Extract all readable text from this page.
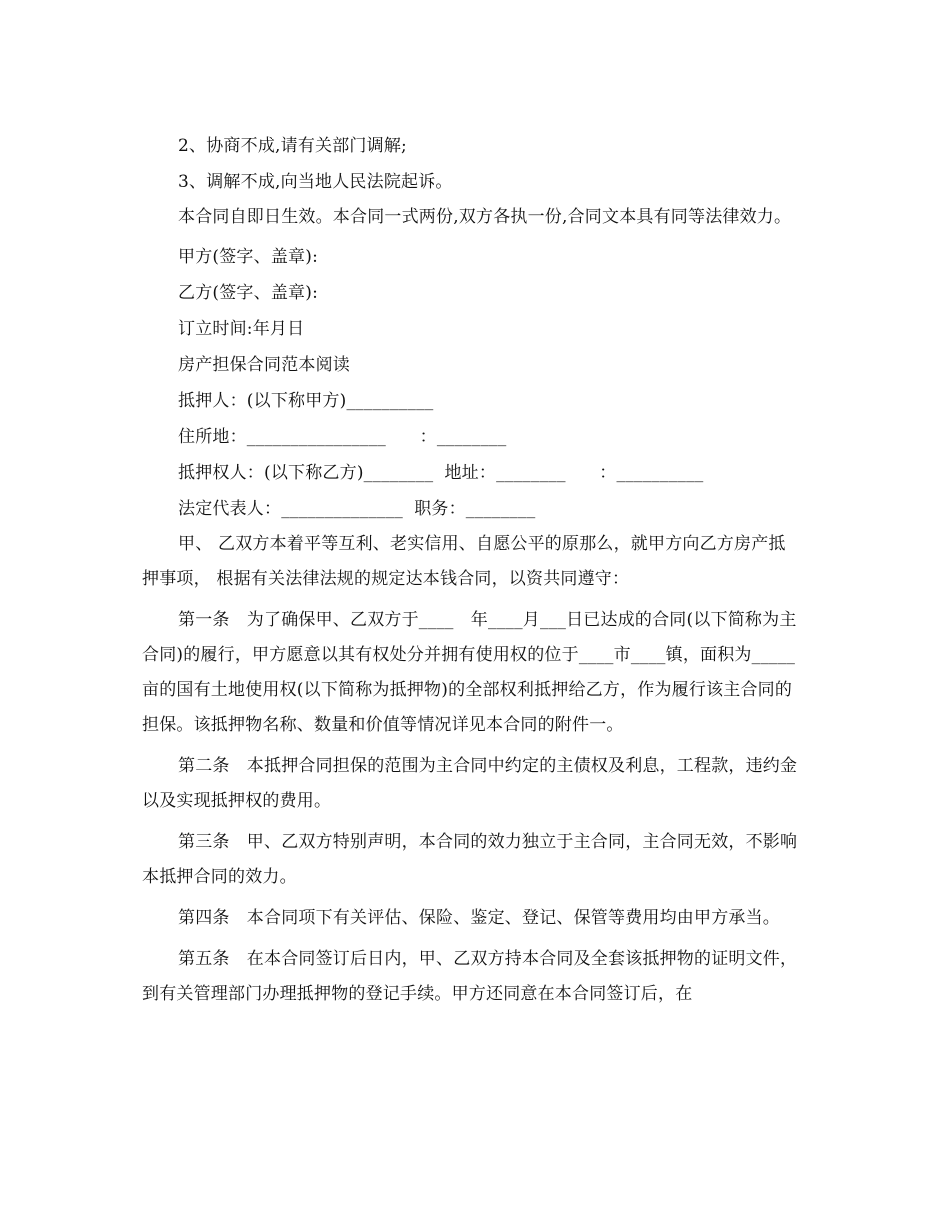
2、协商不成,请有关部门调解;

3、调解不成,向当地人民法院起诉。

本合同自即日生效。本合同一式两份,双方各执一份,合同文本具有同等法律效力。

甲方(签字、盖章):

乙方(签字、盖章):

订立时间:年月日

房产担保合同范本阅读

抵押人：(以下称甲方)__________

住所地：________________      ：________

抵押权人：(以下称乙方)________  地址：________      ：__________

法定代表人：______________  职务：________

甲、 乙双方本着平等互利、老实信用、自愿公平的原那么，就甲方向乙方房产抵押事项， 根据有关法律法规的规定达本钱合同，以资共同遵守：

第一条　为了确保甲、乙双方于____　年____月___日已达成的合同(以下简称为主合同)的履行，甲方愿意以其有权处分并拥有使用权的位于____市____镇，面积为_____亩的国有土地使用权(以下简称为抵押物)的全部权利抵押给乙方，作为履行该主合同的担保。该抵押物名称、数量和价值等情况详见本合同的附件一。

第二条　本抵押合同担保的范围为主合同中约定的主债权及利息，工程款，违约金以及实现抵押权的费用。

第三条　甲、乙双方特别声明，本合同的效力独立于主合同，主合同无效，不影响本抵押合同的效力。

第四条　本合同项下有关评估、保险、鉴定、登记、保管等费用均由甲方承当。

第五条　在本合同签订后日内，甲、乙双方持本合同及全套该抵押物的证明文件，到有关管理部门办理抵押物的登记手续。甲方还同意在本合同签订后，在
